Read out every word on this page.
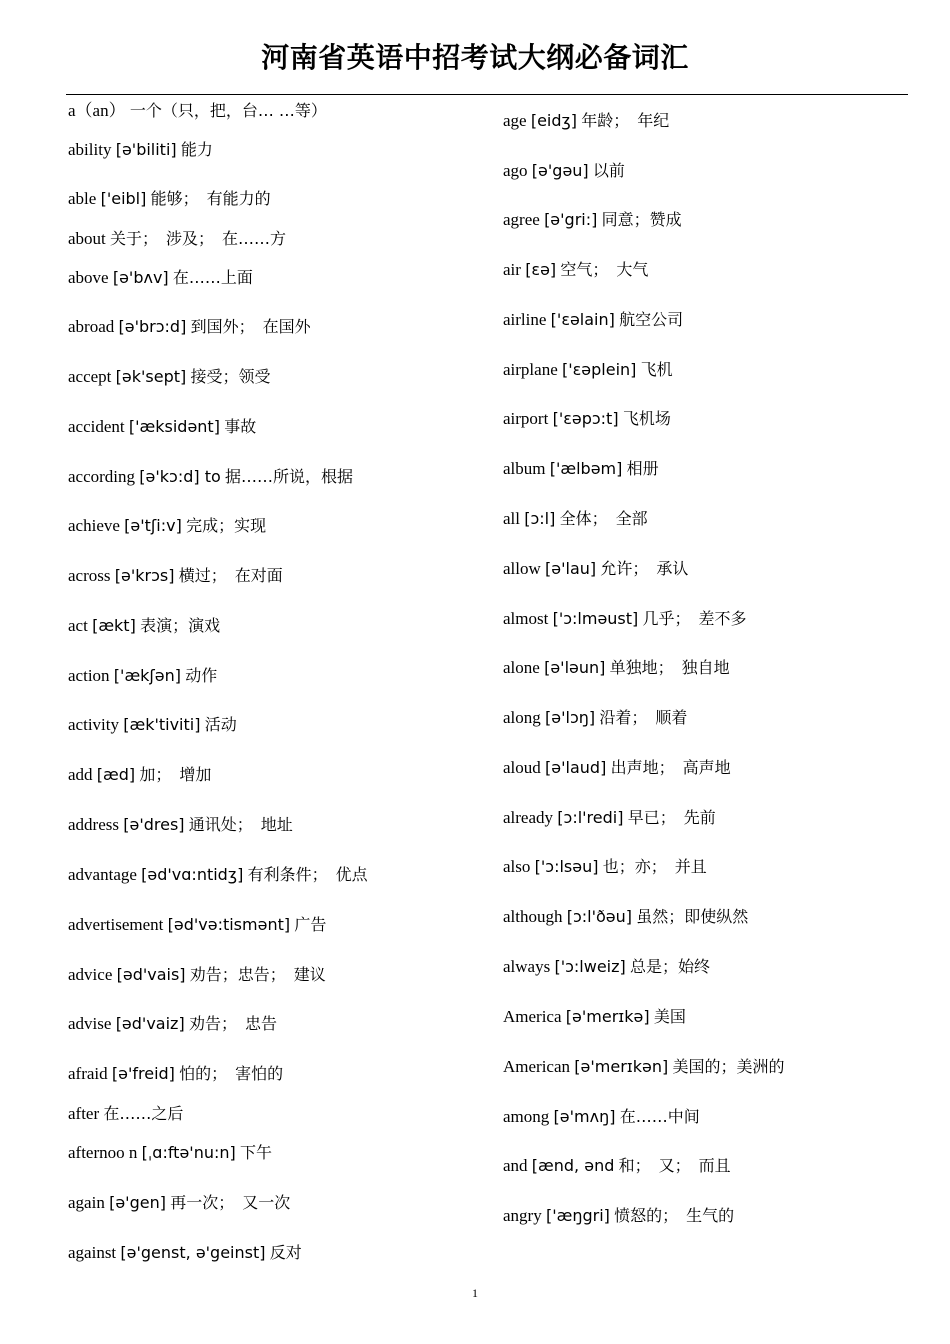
河南省英语中招考试大纲必备词汇
a（an） 一个（只，把，台… …等）
ability [ə'biliti] 能力
able ['eibl] 能够；　有能力的
about 关于；　涉及；　在……方
above [ə'bʌv] 在……上面
abroad [ə'brɔ:d] 到国外；　在国外
accept [ək'sept] 接受；领受
accident ['æksidənt] 事故
according [ə'kɔ:d] to 据……所说，根据
achieve [ə'tʃi:v] 完成；实现
across [ə'krɔs] 横过；　在对面
act [ækt] 表演；演戏
action ['ækʃən] 动作
activity [æk'tiviti] 活动
add [æd] 加；　增加
address [ə'dres] 通讯处；　地址
advantage [əd'vɑ:ntidʒ] 有利条件；　优点
advertisement [əd'və:tismənt] 广告
advice [əd'vais] 劝告；忠告；　建议
advise [əd'vaiz] 劝告；　忠告
afraid [ə'freid] 怕的；　害怕的
after 在……之后
afternoo n [ˌɑ:ftə'nu:n] 下午
again [ə'gen] 再一次；　又一次
against [ə'genst, ə'geinst] 反对
age [eidʒ] 年龄；　年纪
ago [ə'gəu] 以前
agree [ə'gri:] 同意；赞成
air [ɛə] 空气；　大气
airline ['ɛəlain] 航空公司
airplane ['ɛəplein] 飞机
airport ['ɛəpɔ:t] 飞机场
album ['ælbəm] 相册
all [ɔ:l] 全体；　全部
allow [ə'lau] 允许；　承认
almost ['ɔ:lməust] 几乎；　差不多
alone [ə'ləun] 单独地；　独自地
along [ə'lɔŋ] 沿着；　顺着
aloud [ə'laud] 出声地；　高声地
already [ɔ:l'redi] 早已；　先前
also ['ɔ:lsəu] 也；亦；　并且
although [ɔ:l'ðəu] 虽然；即使纵然
always ['ɔ:lweiz] 总是；始终
America [ə'merɪkə] 美国
American [ə'merɪkən] 美国的；美洲的
among [ə'mʌŋ] 在……中间
and [ænd, ənd 和；　又；　而且
angry ['æŋgri] 愤怒的；　生气的
1
